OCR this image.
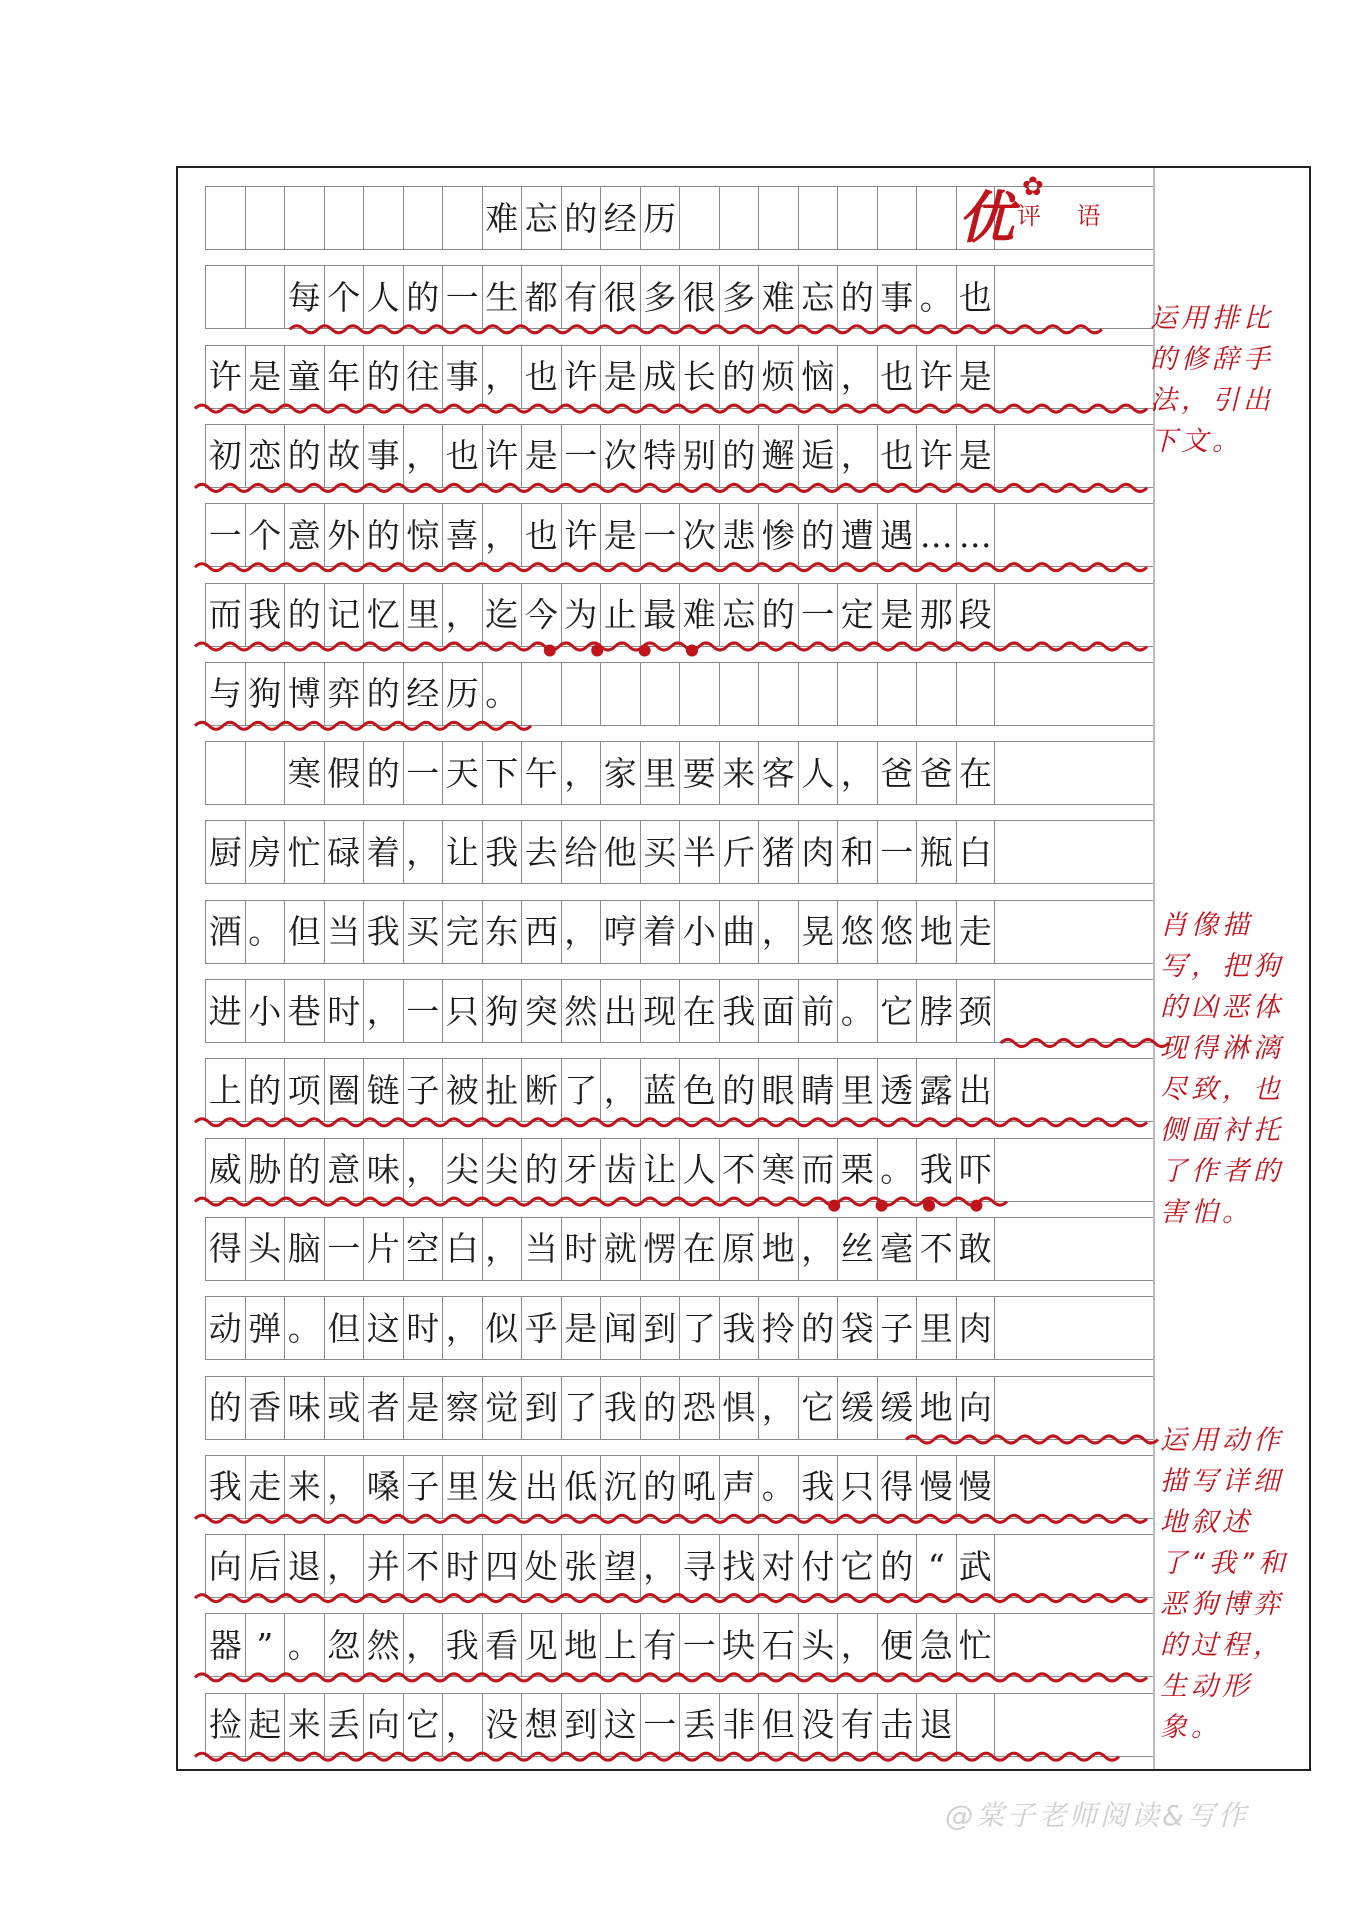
难 忘 的 经 历
每 个 人 的 一 生 都 有 很 多 很 多 难 忘 的 事 。 也
许 是 童 年 的 往 事 ， 也 许 是 成 长 的 烦 恼 ， 也 许 是
初 恋 的 故 事 ， 也 许 是 一 次 特 别 的 邂 逅 ， 也 许 是
一 个 意 外 的 惊 喜 ， 也 许 是 一 次 悲 惨 的 遭 遇 … …
而 我 的 记 忆 里 ， 迄 今 为 止 最 难 忘 的 一 定 是 那 段
与 狗 博 弈 的 经 历 。
寒 假 的 一 天 下 午 ， 家 里 要 来 客 人 ， 爸 爸 在
厨 房 忙 碌 着 ， 让 我 去 给 他 买 半 斤 猪 肉 和 一 瓶 白
酒 。 但 当 我 买 完 东 西 ， 哼 着 小 曲 ， 晃 悠 悠 地 走
进 小 巷 时 ， 一 只 狗 突 然 出 现 在 我 面 前 。 它 脖 颈
上 的 项 圈 链 子 被 扯 断 了 ， 蓝 色 的 眼 睛 里 透 露 出
威 胁 的 意 味 ， 尖 尖 的 牙 齿 让 人 不 寒 而 栗 。 我 吓
得 头 脑 一 片 空 白 ， 当 时 就 愣 在 原 地 ， 丝 毫 不 敢
动 弹 。 但 这 时 ， 似 乎 是 闻 到 了 我 拎 的 袋 子 里 肉
的 香 味 或 者 是 察 觉 到 了 我 的 恐 惧 ， 它 缓 缓 地 向
我 走 来 ， 嗓 子 里 发 出 低 沉 的 吼 声 。 我 只 得 慢 慢
向 后 退 ， 并 不 时 四 处 张 望 ， 寻 找 对 付 它 的 “ 武
器 ” 。 忽 然 ， 我 看 见 地 上 有 一 块 石 头 ， 便 急 忙
捡 起 来 丢 向 它 ， 没 想 到 这 一 丢 非 但 没 有 击 退
评 语
优 ✿
运用排比的修辞手法，引出下文。
肖像描写，把狗的凶恶体现得淋漓尽致，也侧面衬托了作者的害怕。
运用动作描写详细地叙述了“我”和恶狗博弈的过程，生动形象。
@棠子老师阅读&写作
